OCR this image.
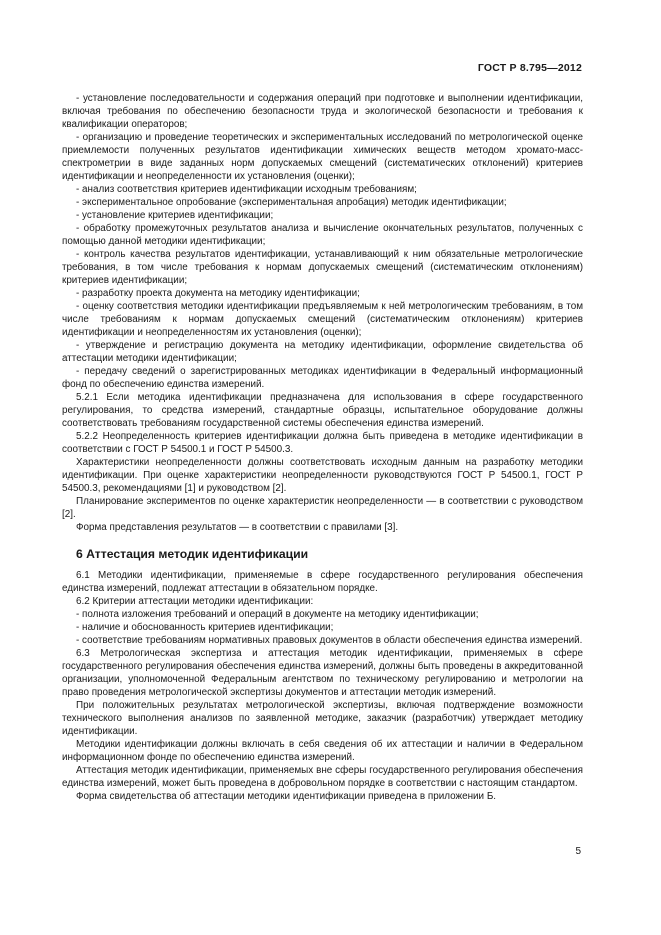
ГОСТ Р 8.795—2012

- установление последовательности и содержания операций при подготовке и выполнении идентификации, включая требования по обеспечению безопасности труда и экологической безопасности и требования к квалификации операторов;

- организацию и проведение теоретических и экспериментальных исследований по метрологической оценке приемлемости полученных результатов идентификации химических веществ методом хромато-масс-спектрометрии в виде заданных норм допускаемых смещений (систематических отклонений) критериев идентификации и неопределенности их установления (оценки);

- анализ соответствия критериев идентификации исходным требованиям;

- экспериментальное опробование (экспериментальная апробация) методик идентификации;

- установление критериев идентификации;

- обработку промежуточных результатов анализа и вычисление окончательных результатов, полученных с помощью данной методики идентификации;

- контроль качества результатов идентификации, устанавливающий к ним обязательные метрологические требования, в том числе требования к нормам допускаемых смещений (систематическим отклонениям) критериев идентификации;

- разработку проекта документа на методику идентификации;

- оценку соответствия методики идентификации предъявляемым к ней метрологическим требованиям, в том числе требованиям к нормам допускаемых смещений (систематическим отклонениям) критериев идентификации и неопределенностям их установления (оценки);

- утверждение и регистрацию документа на методику идентификации, оформление свидетельства об аттестации методики идентификации;

- передачу сведений о зарегистрированных методиках идентификации в Федеральный информационный фонд по обеспечению единства измерений.

5.2.1 Если методика идентификации предназначена для использования в сфере государственного регулирования, то средства измерений, стандартные образцы, испытательное оборудование должны соответствовать требованиям государственной системы обеспечения единства измерений.

5.2.2 Неопределенность критериев идентификации должна быть приведена в методике идентификации в соответствии с ГОСТ Р 54500.1 и ГОСТ Р 54500.3.

Характеристики неопределенности должны соответствовать исходным данным на разработку методики идентификации. При оценке характеристики неопределенности руководствуются ГОСТ Р 54500.1, ГОСТ Р 54500.3, рекомендациями [1] и руководством [2].

Планирование экспериментов по оценке характеристик неопределенности — в соответствии с руководством [2].

Форма представления результатов — в соответствии с правилами [3].

6 Аттестация методик идентификации

6.1 Методики идентификации, применяемые в сфере государственного регулирования обеспечения единства измерений, подлежат аттестации в обязательном порядке.

6.2 Критерии аттестации методики идентификации:

- полнота изложения требований и операций в документе на методику идентификации;

- наличие и обоснованность критериев идентификации;

- соответствие требованиям нормативных правовых документов в области обеспечения единства измерений.

6.3 Метрологическая экспертиза и аттестация методик идентификации, применяемых в сфере государственного регулирования обеспечения единства измерений, должны быть проведены в аккредитованной организации, уполномоченной Федеральным агентством по техническому регулированию и метрологии на право проведения метрологической экспертизы документов и аттестации методик измерений.

При положительных результатах метрологической экспертизы, включая подтверждение возможности технического выполнения анализов по заявленной методике, заказчик (разработчик) утверждает методику идентификации.

Методики идентификации должны включать в себя сведения об их аттестации и наличии в Федеральном информационном фонде по обеспечению единства измерений.

Аттестация методик идентификации, применяемых вне сферы государственного регулирования обеспечения единства измерений, может быть проведена в добровольном порядке в соответствии с настоящим стандартом.

Форма свидетельства об аттестации методики идентификации приведена в приложении Б.

5
